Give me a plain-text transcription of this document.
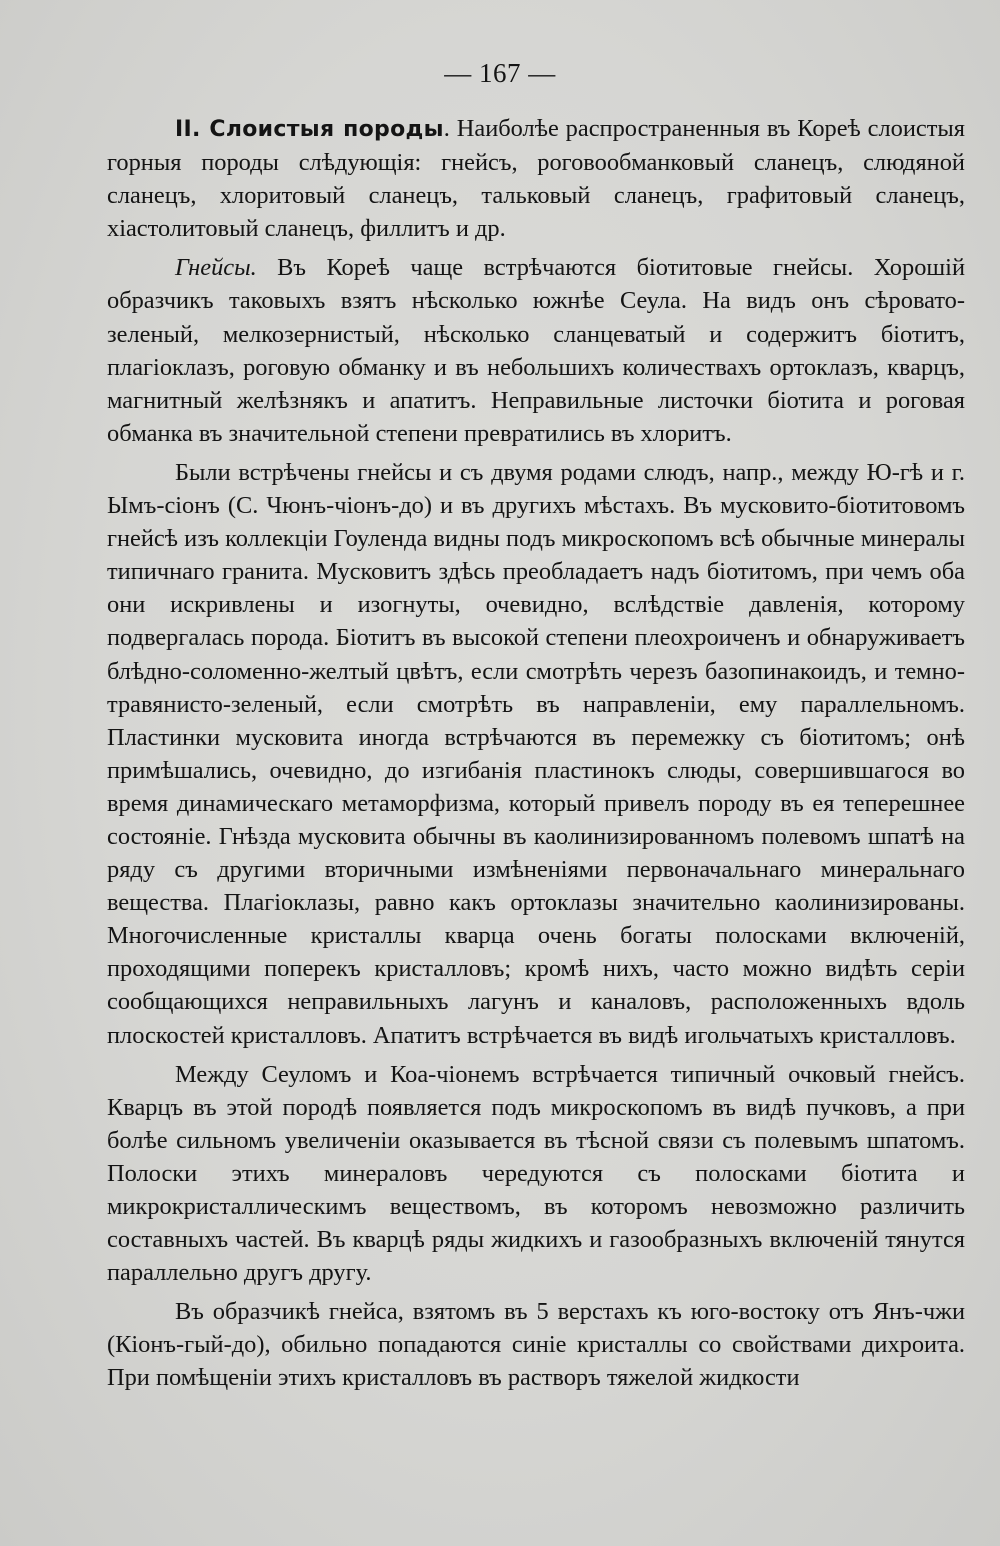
— 167 —

II. Слоистыя породы. Наиболѣе распространенныя въ Кореѣ слоистыя горныя породы слѣдующія: гнейсъ, роговообманковый сланецъ, слюдяной сланецъ, хлоритовый сланецъ, тальковый сланецъ, графитовый сланецъ, хіастолитовый сланецъ, филлитъ и др.

Гнейсы. Въ Кореѣ чаще встрѣчаются біотитовые гнейсы. Хорошій образчикъ таковыхъ взятъ нѣсколько южнѣе Сеула. На видъ онъ сѣровато-зеленый, мелкозернистый, нѣсколько сланцеватый и содержитъ біотитъ, плагіоклазъ, роговую обманку и въ небольшихъ количествахъ ортоклазъ, кварцъ, магнитный желѣзнякъ и апатитъ. Неправильные листочки біотита и роговая обманка въ значительной степени превратились въ хлоритъ.

Были встрѣчены гнейсы и съ двумя родами слюдъ, напр., между Ю-гѣ и г. Ымъ-сіонъ (С. Чюнъ-чіонъ-до) и въ другихъ мѣстахъ. Въ мусковито-біотитовомъ гнейсѣ изъ коллекціи Гоуленда видны подъ микроскопомъ всѣ обычные минералы типичнаго гранита. Мусковитъ здѣсь преобладаетъ надъ біотитомъ, при чемъ оба они искривлены и изогнуты, очевидно, вслѣдствіе давленія, которому подвергалась порода. Біотитъ въ высокой степени плеохроиченъ и обнаруживаетъ блѣдно-соломенно-желтый цвѣтъ, если смотрѣть черезъ базопинакоидъ, и темно-травянисто-зеленый, если смотрѣть въ направленіи, ему параллельномъ. Пластинки мусковита иногда встрѣчаются въ перемежку съ біотитомъ; онѣ примѣшались, очевидно, до изгибанія пластинокъ слюды, совершившагося во время динамическаго метаморфизма, который привелъ породу въ ея теперешнее состояніе. Гнѣзда мусковита обычны въ каолинизированномъ полевомъ шпатѣ на ряду съ другими вторичными измѣненіями первоначальнаго минеральнаго вещества. Плагіоклазы, равно какъ ортоклазы значительно каолинизированы. Многочисленные кристаллы кварца очень богаты полосками включеній, проходящими поперекъ кристалловъ; кромѣ нихъ, часто можно видѣть серіи сообщающихся неправильныхъ лагунъ и каналовъ, расположенныхъ вдоль плоскостей кристалловъ. Апатитъ встрѣчается въ видѣ игольчатыхъ кристалловъ.

Между Сеуломъ и Коа-чіонемъ встрѣчается типичный очковый гнейсъ. Кварцъ въ этой породѣ появляется подъ микроскопомъ въ видѣ пучковъ, а при болѣе сильномъ увеличеніи оказывается въ тѣсной связи съ полевымъ шпатомъ. Полоски этихъ минераловъ чередуются съ полосками біотита и микрокристаллическимъ веществомъ, въ которомъ невозможно различить составныхъ частей. Въ кварцѣ ряды жидкихъ и газообразныхъ включеній тянутся параллельно другъ другу.

Въ образчикѣ гнейса, взятомъ въ 5 верстахъ къ юго-востоку отъ Янъ-чжи (Кіонъ-гый-до), обильно попадаются синіе кристаллы со свойствами дихроита. При помѣщеніи этихъ кристалловъ въ растворъ тяжелой жидкости
